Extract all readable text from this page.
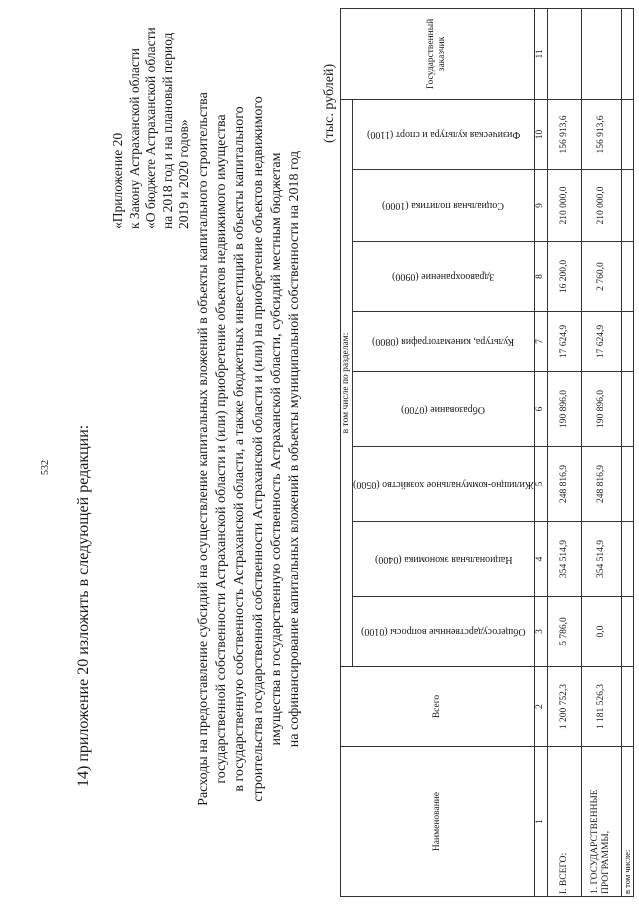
532
«Приложение 20
к Закону Астраханской области
«О бюджете Астраханской области
на 2018 год и на плановый период
2019 и 2020 годов»
14) приложение 20 изложить в следующей редакции:	Расходы на предоставление субсидий на осуществление капитальных вложений в объекты капитального строительства
государственной собственности Астраханской области и (или) приобретение объектов недвижимого имущества
в государственную собственность Астраханской области, а также бюджетных инвестиций в объекты капитального
строительства государственной собственности Астраханской области и (или) на приобретение объектов недвижимого
имущества в государственную собственность Астраханской области, субсидий местным бюджетам
на софинансирование капитальных вложений в объекты муниципальной собственности на 2018 год
(тыс. рублей)
Наименование	Всего	в том числе по разделам:								Государственный заказчик

		Общегосударственные вопросы (0100)	Национальная экономика (0400)	Жилищно-коммунальное хозяйство (0500)	Образование (0700)	Культура, кинематография (0800)	Здравоохранение (0900)	Социальная политика (1000)	Физическая культура и спорт (1100)	

1	2	3	4	5	6	7	8	9	10	11
I. ВСЕГО:	1 200 752,3	5 786,0	354 514,9	248 816,9	190 896,0	17 624,9	16 200,0	210 000,0	156 913,6	
1. ГОСУДАРСТВЕННЫЕ ПРОГРАММЫ,	1 181 526,3	0,0	354 514,9	248 816,9	190 896,0	17 624,9	2 760,0	210 000,0	156 913,6	
в том числе:										
